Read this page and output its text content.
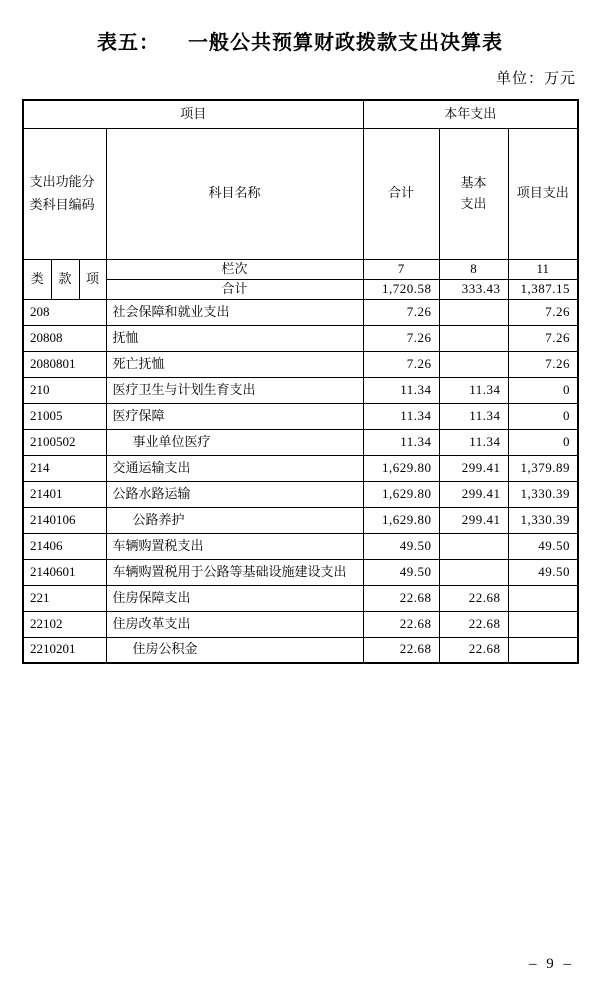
表五： 一般公共预算财政拨款支出决算表
单位：万元
项目				本年支出		
支出功能分类科目编码			科目名称	合计	基本支出	项目支出
类	款	项	栏次	7	8	11
			合计	1,720.58	333.43	1,387.15
208			社会保障和就业支出	7.26		7.26
20808			抚恤	7.26		7.26
2080801			死亡抚恤	7.26		7.26
210			医疗卫生与计划生育支出	11.34	11.34	0
21005			医疗保障	11.34	11.34	0
2100502			事业单位医疗	11.34	11.34	0
214			交通运输支出	1,629.80	299.41	1,379.89
21401			公路水路运输	1,629.80	299.41	1,330.39
2140106			公路养护	1,629.80	299.41	1,330.39
21406			车辆购置税支出	49.50		49.50
2140601			车辆购置税用于公路等基础设施建设支出	49.50		49.50
221			住房保障支出	22.68	22.68	
22102			住房改革支出	22.68	22.68	
2210201			住房公积金	22.68	22.68	
– 9 –
